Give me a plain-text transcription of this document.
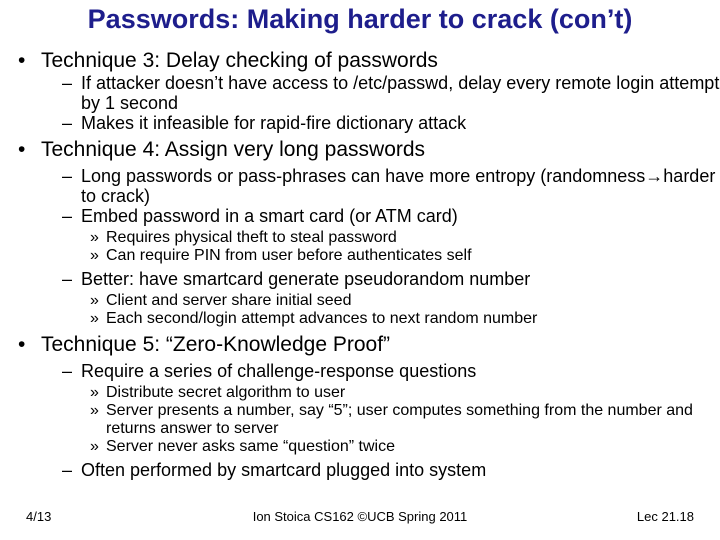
Passwords: Making harder to crack (con’t)
• Technique 3: Delay checking of passwords
– If attacker doesn’t have access to /etc/passwd, delay every remote login attempt by 1 second
– Makes it infeasible for rapid-fire dictionary attack
• Technique 4: Assign very long passwords
– Long passwords or pass-phrases can have more entropy (randomness→harder to crack)
– Embed password in a smart card (or ATM card)
» Requires physical theft to steal password
» Can require PIN from user before authenticates self
– Better: have smartcard generate pseudorandom number
» Client and server share initial seed
» Each second/login attempt advances to next random number
• Technique 5: “Zero-Knowledge Proof”
– Require a series of challenge-response questions
» Distribute secret algorithm to user
» Server presents a number, say “5”; user computes something from the number and returns answer to server
» Server never asks same “question” twice
– Often performed by smartcard plugged into system
4/13	Ion Stoica CS162 ©UCB Spring 2011	Lec 21.18
